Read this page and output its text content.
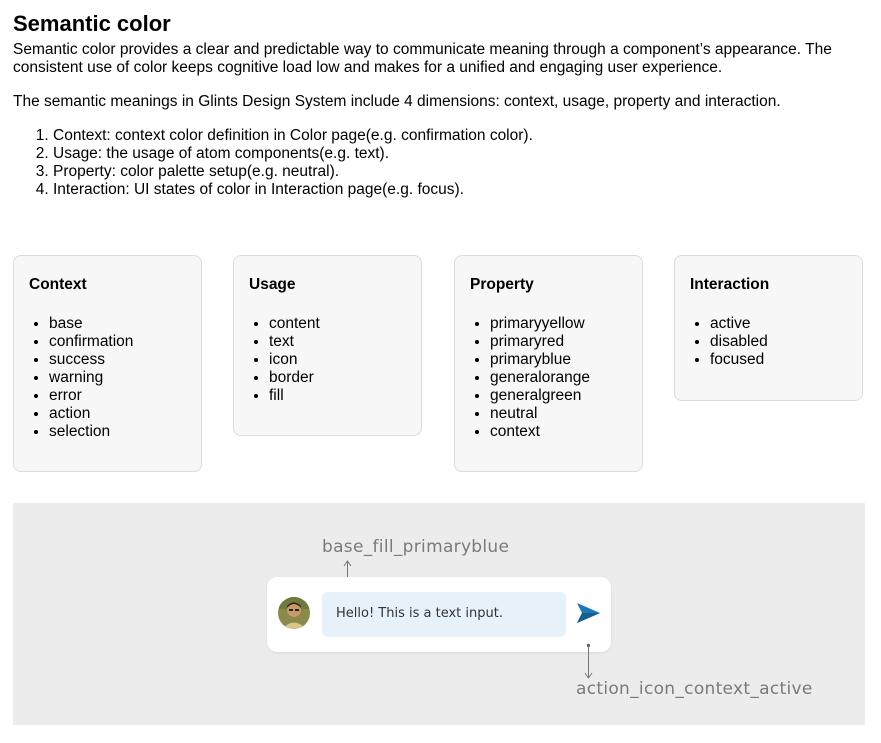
Semantic color

Semantic color provides a clear and predictable way to communicate meaning through a component’s appearance. The consistent use of color keeps cognitive load low and makes for a unified and engaging user experience.

The semantic meanings in Glints Design System include 4 dimensions: context, usage, property and interaction.

1. Context: context color definition in Color page(e.g. confirmation color).
2. Usage: the usage of atom components(e.g. text).
3. Property: color palette setup(e.g. neutral).
4. Interaction: UI states of color in Interaction page(e.g. focus).
Context
• base
• confirmation
• success
• warning
• error
• action
• selection
Usage
• content
• text
• icon
• border
• fill
Property
• primaryyellow
• primaryred
• primaryblue
• generalorange
• generalgreen
• neutral
• context
Interaction
• active
• disabled
• focused
base_fill_primaryblue
Hello! This is a text input.
action_icon_context_active
